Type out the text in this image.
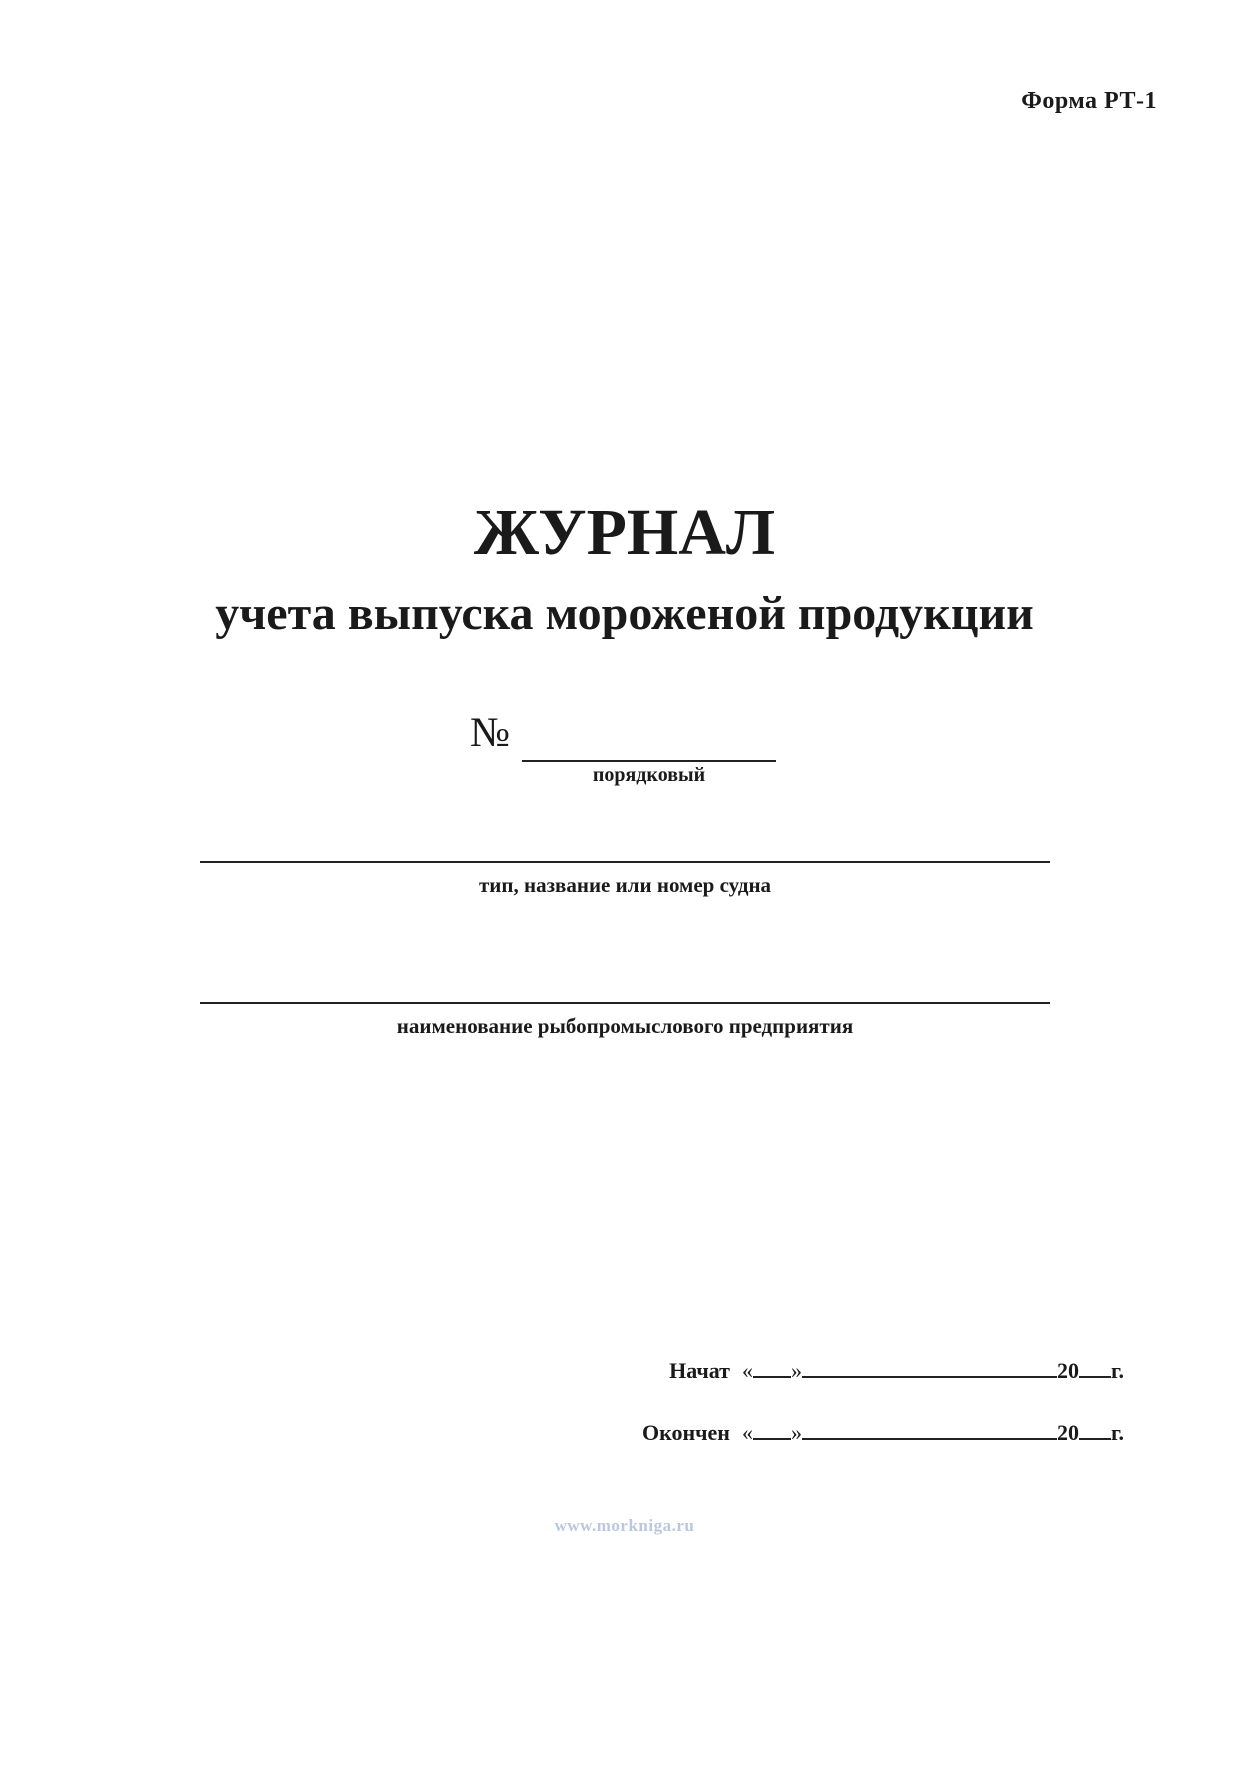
Форма РТ-1
ЖУРНАЛ
учета выпуска мороженой продукции
№
порядковый
тип, название или номер судна
наименование рыбопромыслового предприятия
Начат « »	20 г.
Окончен « »	20 г.
www.morkniga.ru
